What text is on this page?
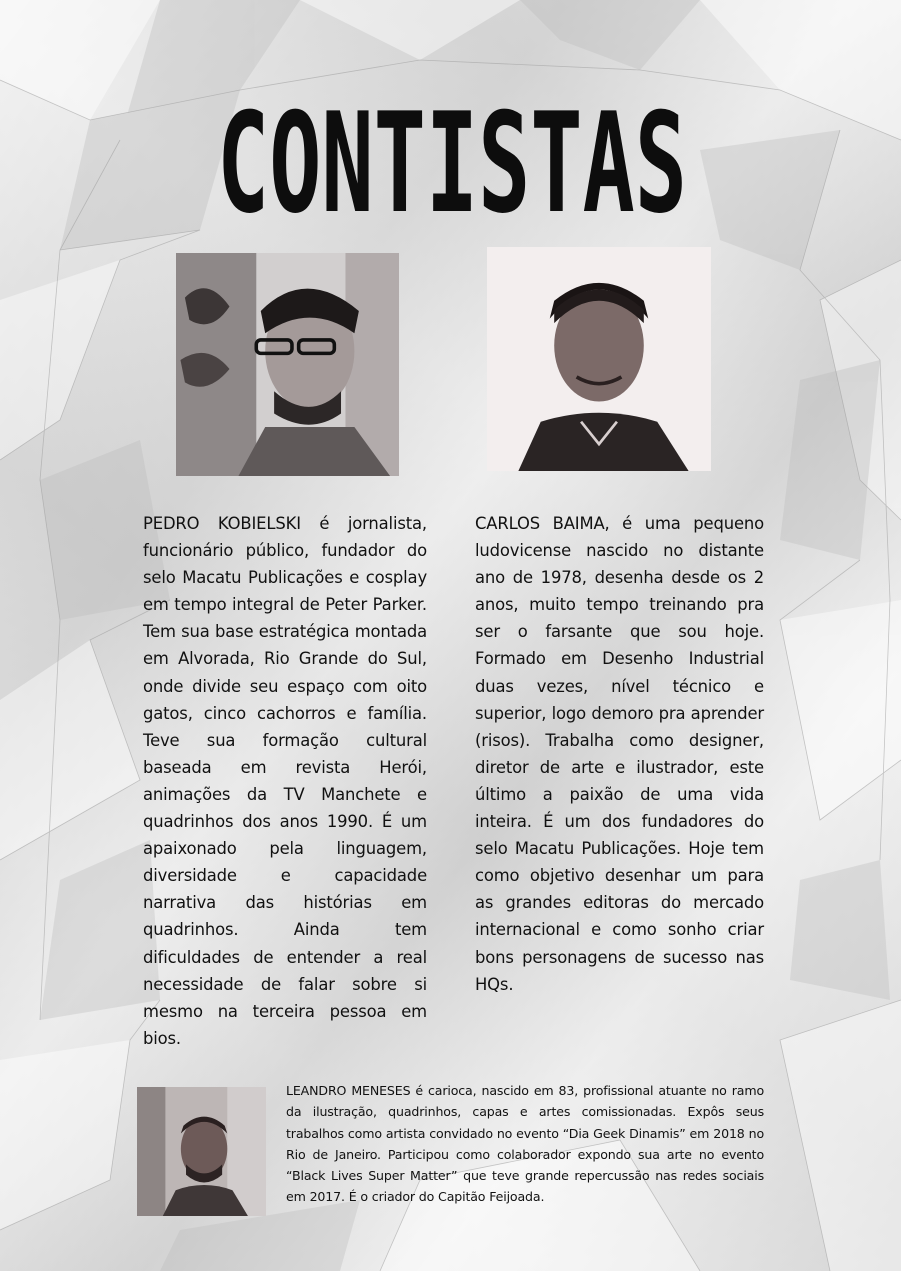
CONTISTAS
PEDRO KOBIELSKI é jornalista, funcionário público, fundador do selo Macatu Publicações e cosplay em tempo integral de Peter Parker. Tem sua base estratégica montada em Alvorada, Rio Grande do Sul, onde divide seu espaço com oito gatos, cinco cachorros e família. Teve sua formação cultural baseada em revista Herói, animações da TV Manchete e quadrinhos dos anos 1990. É um apaixonado pela linguagem, diversidade e capacidade narrativa das histórias em quadrinhos. Ainda tem dificuldades de entender a real necessidade de falar sobre si mesmo na terceira pessoa em bios.
CARLOS BAIMA, é uma pequeno ludovicense nascido no distante ano de 1978, desenha desde os 2 anos, muito tempo treinando pra ser o farsante que sou hoje. Formado em Desenho Industrial duas vezes, nível técnico e superior, logo demoro pra aprender (risos). Trabalha como designer, diretor de arte e ilustrador, este último a paixão de uma vida inteira. É um dos fundadores do selo Macatu Publicações. Hoje tem como objetivo desenhar um para as grandes editoras do mercado internacional e como sonho criar bons personagens de sucesso nas HQs.
LEANDRO MENESES é carioca, nascido em 83, profissional atuante no ramo da ilustração, quadrinhos, capas e artes comissionadas. Expôs seus trabalhos como artista convidado no evento “Dia Geek Dinamis” em 2018 no Rio de Janeiro. Participou como colaborador expondo sua arte no evento “Black Lives Super Matter” que teve grande repercussão nas redes sociais em 2017. É o criador do Capitão Feijoada.
